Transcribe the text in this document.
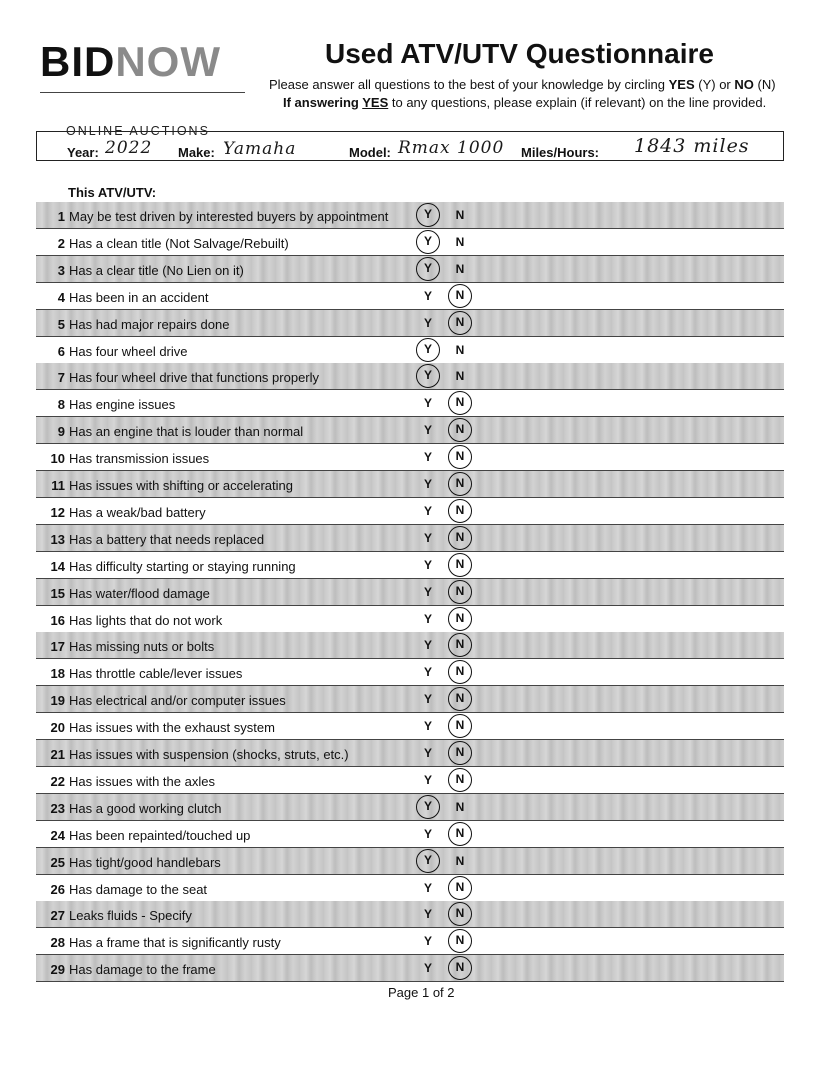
BIDNOW
ONLINE AUCTIONS
Used ATV/UTV Questionnaire
Please answer all questions to the best of your knowledge by circling YES (Y) or NO (N)
If answering YES to any questions, please explain (if relevant) on the line provided.
Year: 2022 Make: Yamaha	Model: Rmax 1000 Miles/Hours: 1843 miles
This ATV/UTV:
1 May be test driven by interested buyers by appointment	Y	N
2 Has a clean title (Not Salvage/Rebuilt)	Y	N
3 Has a clear title (No Lien on it)	Y	N
4 Has been in an accident	Y	N
5 Has had major repairs done	Y	N
6 Has four wheel drive	Y	N
7 Has four wheel drive that functions properly	Y	N
8 Has engine issues	Y	N
9 Has an engine that is louder than normal	Y	N
10 Has transmission issues	Y	N
11 Has issues with shifting or accelerating	Y	N
12 Has a weak/bad battery	Y	N
13 Has a battery that needs replaced	Y	N
14 Has difficulty starting or staying running	Y	N
15 Has water/flood damage	Y	N
16 Has lights that do not work	Y	N
17 Has missing nuts or bolts	Y	N
18 Has throttle cable/lever issues	Y	N
19 Has electrical and/or computer issues	Y	N
20 Has issues with the exhaust system	Y	N
21 Has issues with suspension (shocks, struts, etc.)	Y	N
22 Has issues with the axles	Y	N
23 Has a good working clutch	Y	N
24 Has been repainted/touched up	Y	N
25 Has tight/good handlebars	Y	N
26 Has damage to the seat	Y	N
27 Leaks fluids - Specify	Y	N
28 Has a frame that is significantly rusty	Y	N
29 Has damage to the frame	Y	N
Page 1 of 2
